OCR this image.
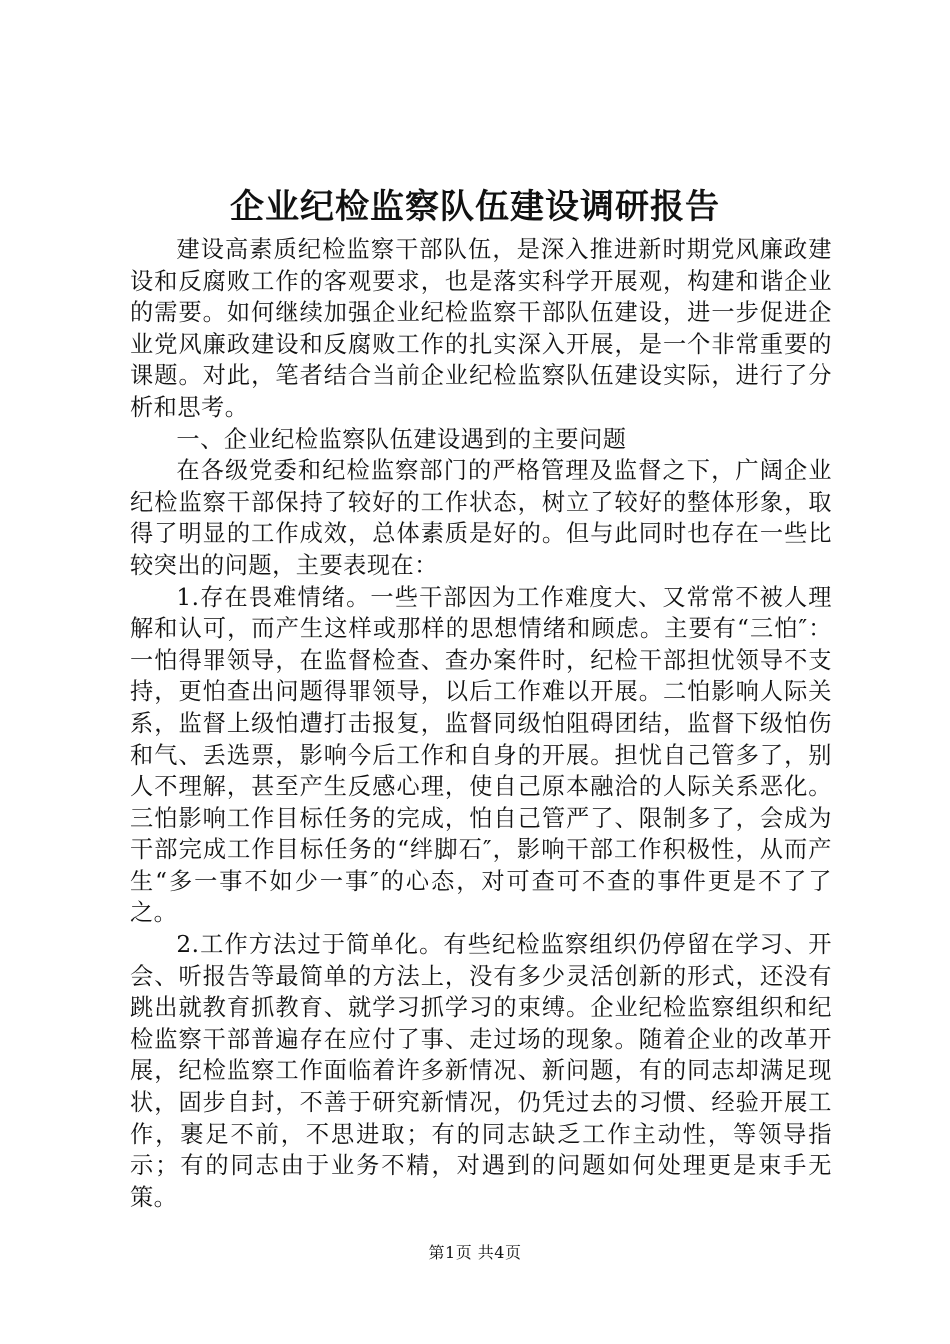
企业纪检监察队伍建设调研报告

建设高素质纪检监察干部队伍，是深入推进新时期党风廉政建设和反腐败工作的客观要求，也是落实科学开展观，构建和谐企业的需要。如何继续加强企业纪检监察干部队伍建设，进一步促进企业党风廉政建设和反腐败工作的扎实深入开展，是一个非常重要的课题。对此，笔者结合当前企业纪检监察队伍建设实际，进行了分析和思考。

一、企业纪检监察队伍建设遇到的主要问题

在各级党委和纪检监察部门的严格管理及监督之下，广阔企业纪检监察干部保持了较好的工作状态，树立了较好的整体形象，取得了明显的工作成效，总体素质是好的。但与此同时也存在一些比较突出的问题，主要表现在：

1.存在畏难情绪。一些干部因为工作难度大、又常常不被人理解和认可，而产生这样或那样的思想情绪和顾虑。主要有“三怕″：一怕得罪领导，在监督检查、查办案件时，纪检干部担忧领导不支持，更怕查出问题得罪领导，以后工作难以开展。二怕影响人际关系，监督上级怕遭打击报复，监督同级怕阻碍团结，监督下级怕伤和气、丢选票，影响今后工作和自身的开展。担忧自己管多了，别人不理解，甚至产生反感心理，使自己原本融洽的人际关系恶化。三怕影响工作目标任务的完成，怕自己管严了、限制多了，会成为干部完成工作目标任务的“绊脚石″，影响干部工作积极性，从而产生“多一事不如少一事″的心态，对可查可不查的事件更是不了了之。

2.工作方法过于简单化。有些纪检监察组织仍停留在学习、开会、听报告等最简单的方法上，没有多少灵活创新的形式，还没有跳出就教育抓教育、就学习抓学习的束缚。企业纪检监察组织和纪检监察干部普遍存在应付了事、走过场的现象。随着企业的改革开展，纪检监察工作面临着许多新情况、新问题，有的同志却满足现状，固步自封，不善于研究新情况，仍凭过去的习惯、经验开展工作，裹足不前，不思进取；有的同志缺乏工作主动性，等领导指示；有的同志由于业务不精，对遇到的问题如何处理更是束手无策。

第1页 共4页
